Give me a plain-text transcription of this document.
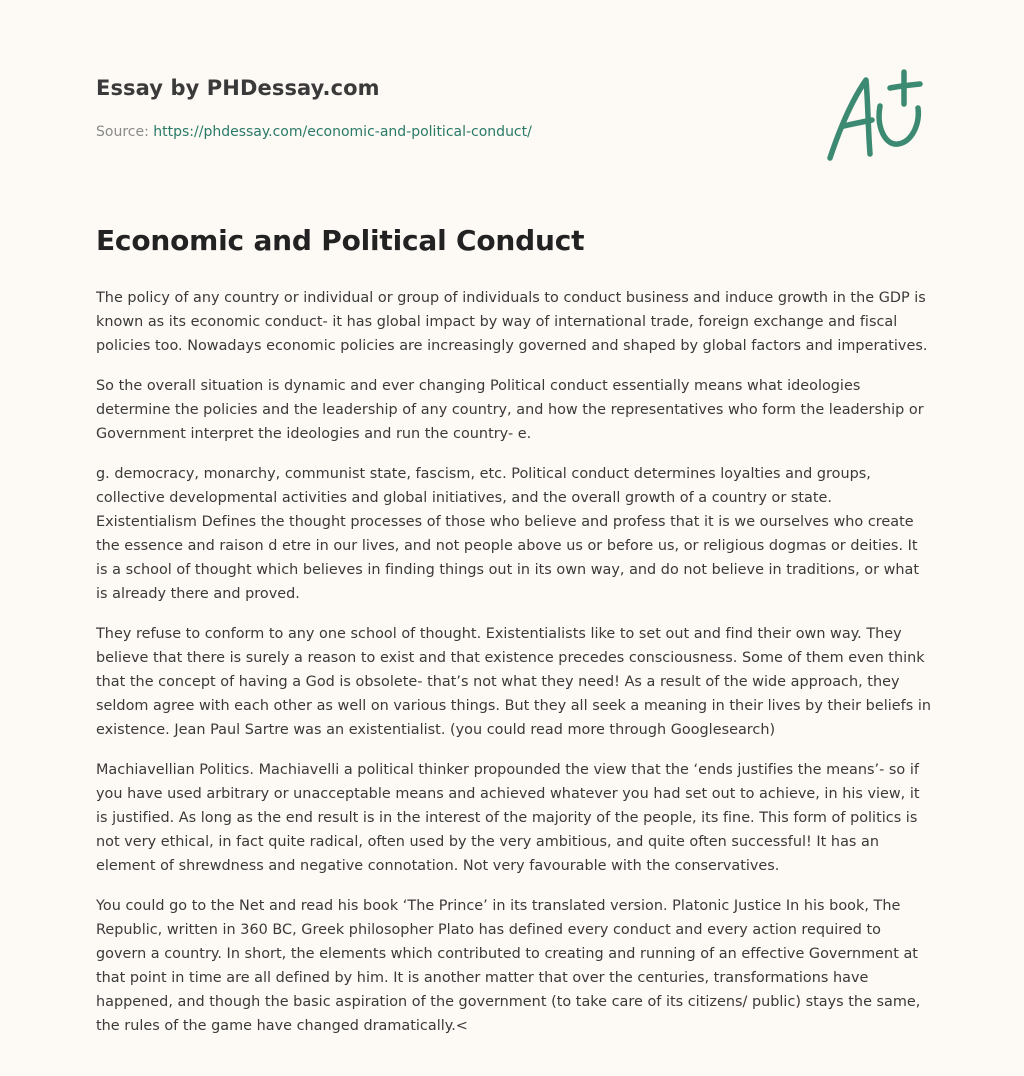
Essay by PHDessay.com

Source: https://phdessay.com/economic-and-political-conduct/

Economic and Political Conduct

The policy of any country or individual or group of individuals to conduct business and induce growth in the GDP is known as its economic conduct- it has global impact by way of international trade, foreign exchange and fiscal policies too. Nowadays economic policies are increasingly governed and shaped by global factors and imperatives.

So the overall situation is dynamic and ever changing Political conduct essentially means what ideologies determine the policies and the leadership of any country, and how the representatives who form the leadership or Government interpret the ideologies and run the country- e.

g. democracy, monarchy, communist state, fascism, etc. Political conduct determines loyalties and groups, collective developmental activities and global initiatives, and the overall growth of a country or state. Existentialism Defines the thought processes of those who believe and profess that it is we ourselves who create the essence and raison d etre in our lives, and not people above us or before us, or religious dogmas or deities. It is a school of thought which believes in finding things out in its own way, and do not believe in traditions, or what is already there and proved.

They refuse to conform to any one school of thought. Existentialists like to set out and find their own way. They believe that there is surely a reason to exist and that existence precedes consciousness. Some of them even think that the concept of having a God is obsolete- that’s not what they need! As a result of the wide approach, they seldom agree with each other as well on various things. But they all seek a meaning in their lives by their beliefs in existence. Jean Paul Sartre was an existentialist. (you could read more through Googlesearch)

Machiavellian Politics. Machiavelli a political thinker propounded the view that the ‘ends justifies the means’- so if you have used arbitrary or unacceptable means and achieved whatever you had set out to achieve, in his view, it is justified. As long as the end result is in the interest of the majority of the people, its fine. This form of politics is not very ethical, in fact quite radical, often used by the very ambitious, and quite often successful! It has an element of shrewdness and negative connotation. Not very favourable with the conservatives.

You could go to the Net and read his book ‘The Prince’ in its translated version. Platonic Justice In his book, The Republic, written in 360 BC, Greek philosopher Plato has defined every conduct and every action required to govern a country. In short, the elements which contributed to creating and running of an effective Government at that point in time are all defined by him. It is another matter that over the centuries, transformations have happened, and though the basic aspiration of the government (to take care of its citizens/ public) stays the same, the rules of the game have changed dramatically.<
